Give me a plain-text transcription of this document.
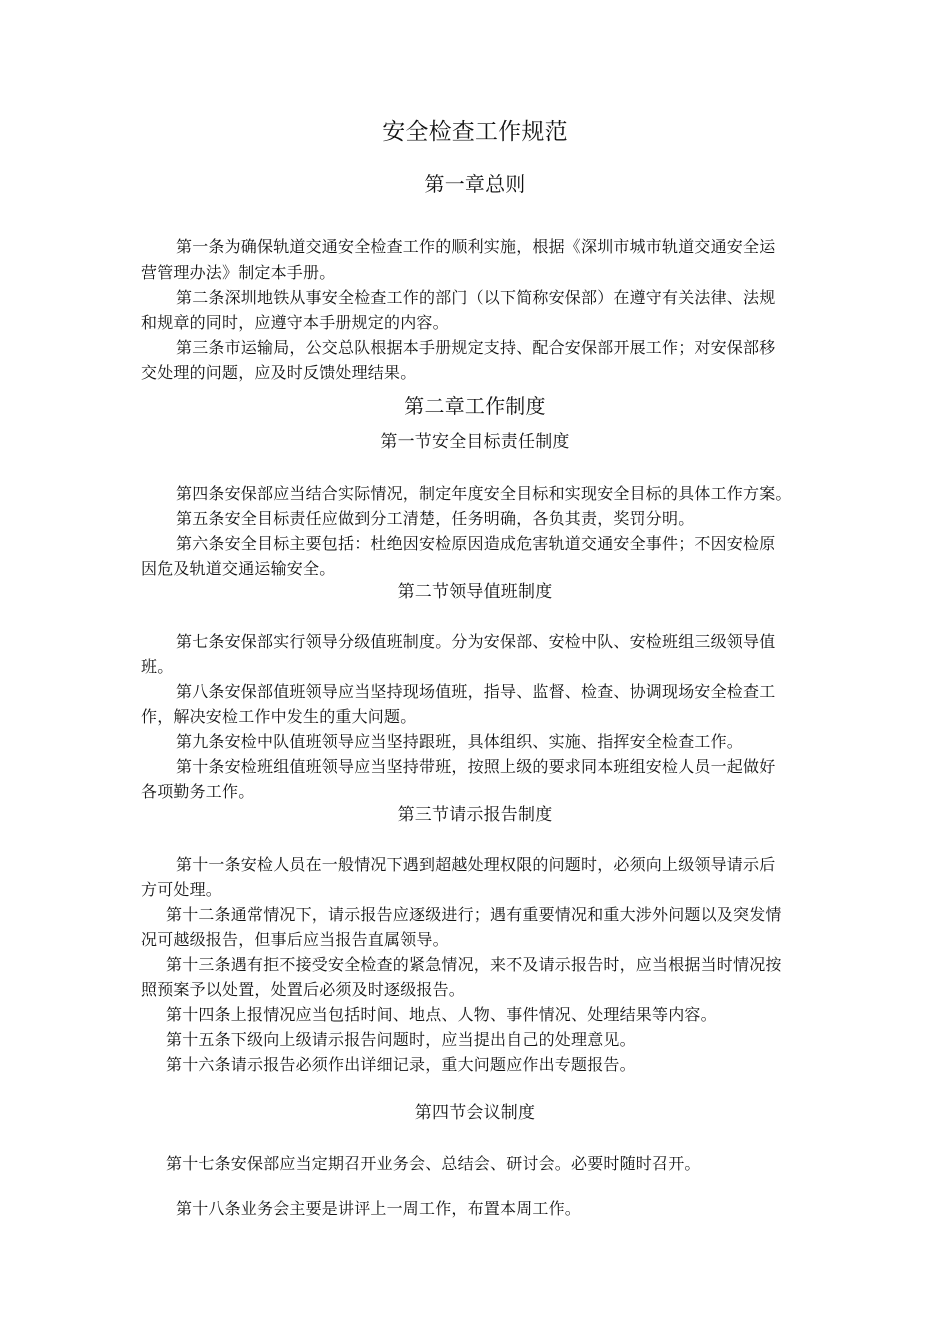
安全检查工作规范
第一章总则
第一条为确保轨道交通安全检查工作的顺利实施，根据《深圳市城市轨道交通安全运
营管理办法》制定本手册。
第二条深圳地铁从事安全检查工作的部门（以下简称安保部）在遵守有关法律、法规
和规章的同时，应遵守本手册规定的内容。
第三条市运输局，公交总队根据本手册规定支持、配合安保部开展工作；对安保部移
交处理的问题，应及时反馈处理结果。
第二章工作制度
第一节安全目标责任制度
第四条安保部应当结合实际情况，制定年度安全目标和实现安全目标的具体工作方案。
第五条安全目标责任应做到分工清楚，任务明确，各负其责，奖罚分明。
第六条安全目标主要包括：杜绝因安检原因造成危害轨道交通安全事件；不因安检原
因危及轨道交通运输安全。
第二节领导值班制度
第七条安保部实行领导分级值班制度。分为安保部、安检中队、安检班组三级领导值
班。
第八条安保部值班领导应当坚持现场值班，指导、监督、检查、协调现场安全检查工
作，解决安检工作中发生的重大问题。
第九条安检中队值班领导应当坚持跟班，具体组织、实施、指挥安全检查工作。
第十条安检班组值班领导应当坚持带班，按照上级的要求同本班组安检人员一起做好
各项勤务工作。
第三节请示报告制度
第十一条安检人员在一般情况下遇到超越处理权限的问题时，必须向上级领导请示后
方可处理。
第十二条通常情况下，请示报告应逐级进行；遇有重要情况和重大涉外问题以及突发情
况可越级报告，但事后应当报告直属领导。
第十三条遇有拒不接受安全检查的紧急情况，来不及请示报告时，应当根据当时情况按
照预案予以处置，处置后必须及时逐级报告。
第十四条上报情况应当包括时间、地点、人物、事件情况、处理结果等内容。
第十五条下级向上级请示报告问题时，应当提出自己的处理意见。
第十六条请示报告必须作出详细记录，重大问题应作出专题报告。
第四节会议制度
第十七条安保部应当定期召开业务会、总结会、研讨会。必要时随时召开。
第十八条业务会主要是讲评上一周工作，布置本周工作。
